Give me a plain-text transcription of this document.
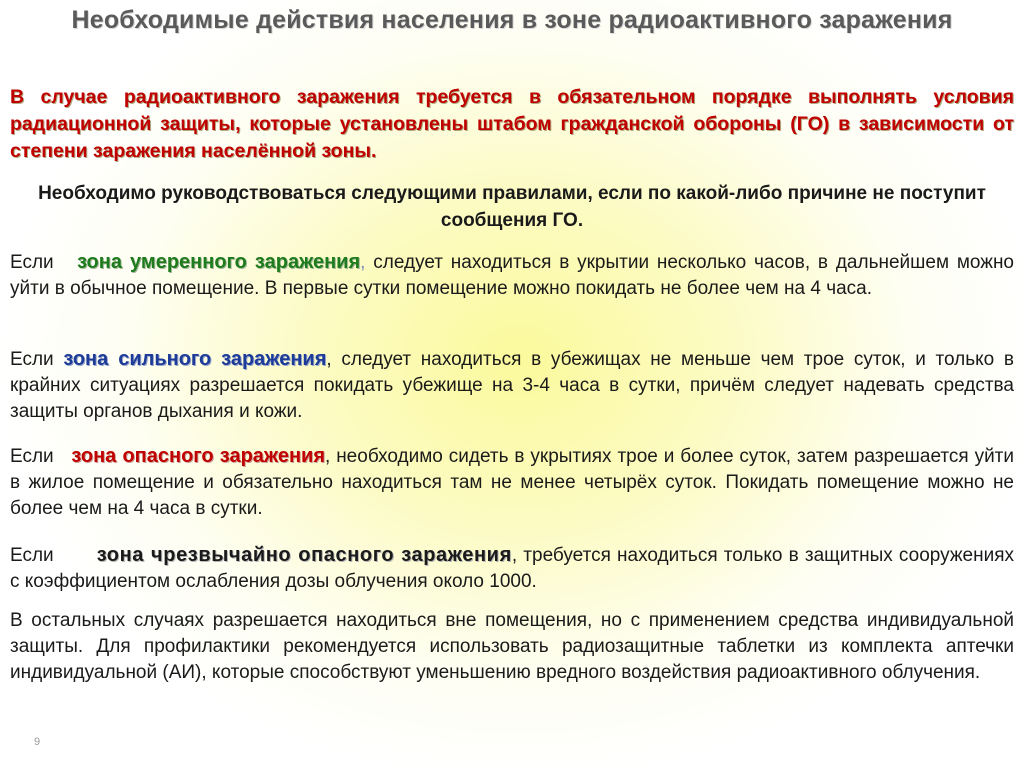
Необходимые действия населения в зоне радиоактивного заражения
В случае радиоактивного заражения требуется в обязательном порядке выполнять условия радиационной защиты, которые установлены штабом гражданской обороны (ГО) в зависимости от степени заражения населённой зоны.
Необходимо руководствоваться следующими правилами, если по какой-либо причине не поступит сообщения ГО.
Если зона умеренного заражения, следует находиться в укрытии несколько часов, в дальнейшем можно уйти в обычное помещение. В первые сутки помещение можно покидать не более чем на 4 часа.
Если зона сильного заражения, следует находиться в убежищах не меньше чем трое суток, и только в крайних ситуациях разрешается покидать убежище на 3-4 часа в сутки, причём следует надевать средства защиты органов дыхания и кожи.
Если зона опасного заражения, необходимо сидеть в укрытиях трое и более суток, затем разрешается уйти в жилое помещение и обязательно находиться там не менее четырёх суток. Покидать помещение можно не более чем на 4 часа в сутки.
Если зона чрезвычайно опасного заражения, требуется находиться только в защитных сооружениях с коэффициентом ослабления дозы облучения около 1000.
В остальных случаях разрешается находиться вне помещения, но с применением средства индивидуальной защиты. Для профилактики рекомендуется использовать радиозащитные таблетки из комплекта аптечки индивидуальной (АИ), которые способствуют уменьшению вредного воздействия радиоактивного облучения.
9
